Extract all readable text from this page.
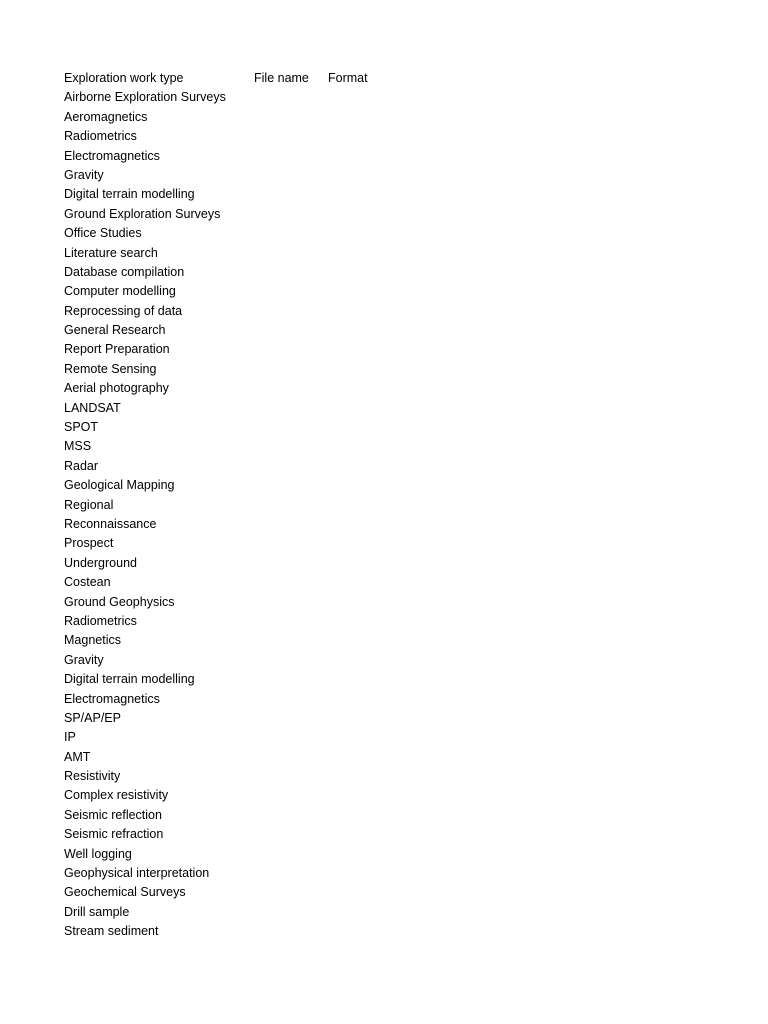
Exploration work type	File name	Format
Airborne Exploration Surveys
Aeromagnetics
Radiometrics
Electromagnetics
Gravity
Digital terrain modelling
Ground Exploration Surveys
Office Studies
Literature search
Database compilation
Computer modelling
Reprocessing of data
General Research
Report Preparation
Remote Sensing
Aerial photography
LANDSAT
SPOT
MSS
Radar
Geological Mapping
Regional
Reconnaissance
Prospect
Underground
Costean
Ground Geophysics
Radiometrics
Magnetics
Gravity
Digital terrain modelling
Electromagnetics
SP/AP/EP
IP
AMT
Resistivity
Complex resistivity
Seismic reflection
Seismic refraction
Well logging
Geophysical interpretation
Geochemical Surveys
Drill sample
Stream sediment
